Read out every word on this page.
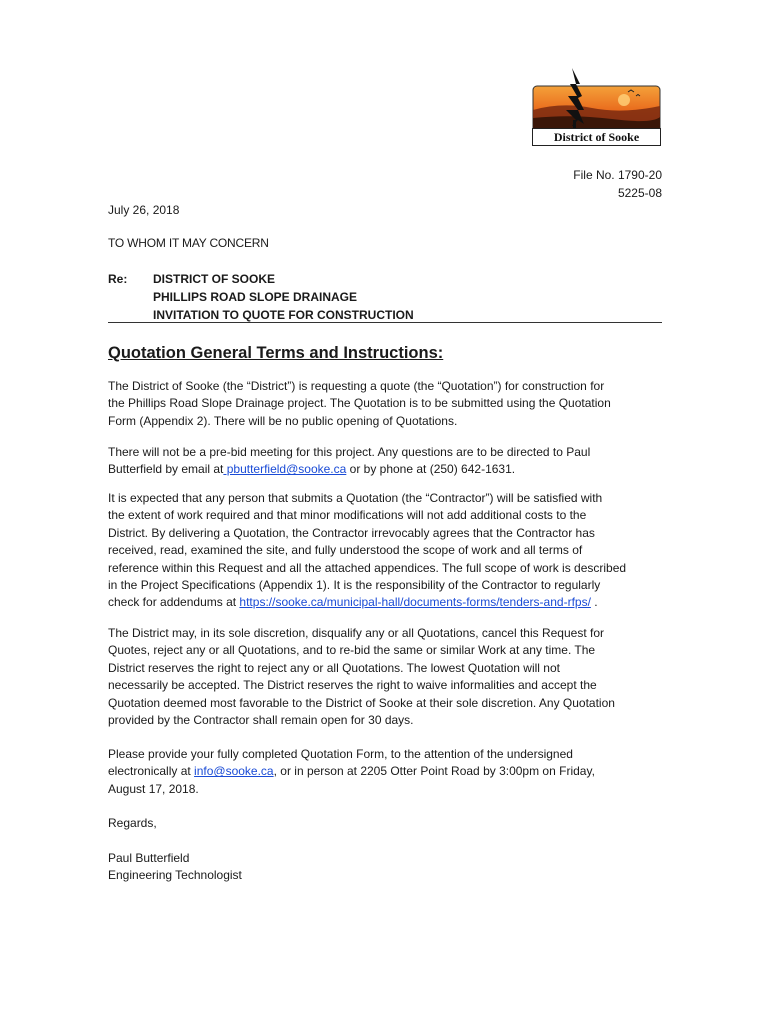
District of Sooke
File No. 1790-20
5225-08
July 26, 2018
TO WHOM IT MAY CONCERN
Re: DISTRICT OF SOOKE
PHILLIPS ROAD SLOPE DRAINAGE
INVITATION TO QUOTE FOR CONSTRUCTION
Quotation General Terms and Instructions:
The District of Sooke (the “District”) is requesting a quote (the “Quotation”) for construction for
the Phillips Road Slope Drainage project. The Quotation is to be submitted using the Quotation
Form (Appendix 2). There will be no public opening of Quotations.
There will not be a pre-bid meeting for this project. Any questions are to be directed to Paul
Butterfield by email at pbutterfield@sooke.ca or by phone at (250) 642-1631.
It is expected that any person that submits a Quotation (the “Contractor”) will be satisfied with
the extent of work required and that minor modifications will not add additional costs to the
District. By delivering a Quotation, the Contractor irrevocably agrees that the Contractor has
received, read, examined the site, and fully understood the scope of work and all terms of
reference within this Request and all the attached appendices. The full scope of work is described
in the Project Specifications (Appendix 1). It is the responsibility of the Contractor to regularly
check for addendums at https://sooke.ca/municipal-hall/documents-forms/tenders-and-rfps/ .
The District may, in its sole discretion, disqualify any or all Quotations, cancel this Request for
Quotes, reject any or all Quotations, and to re-bid the same or similar Work at any time. The
District reserves the right to reject any or all Quotations. The lowest Quotation will not
necessarily be accepted. The District reserves the right to waive informalities and accept the
Quotation deemed most favorable to the District of Sooke at their sole discretion. Any Quotation
provided by the Contractor shall remain open for 30 days.
Please provide your fully completed Quotation Form, to the attention of the undersigned
electronically at info@sooke.ca, or in person at 2205 Otter Point Road by 3:00pm on Friday,
August 17, 2018.
Regards,
Paul Butterfield
Engineering Technologist
